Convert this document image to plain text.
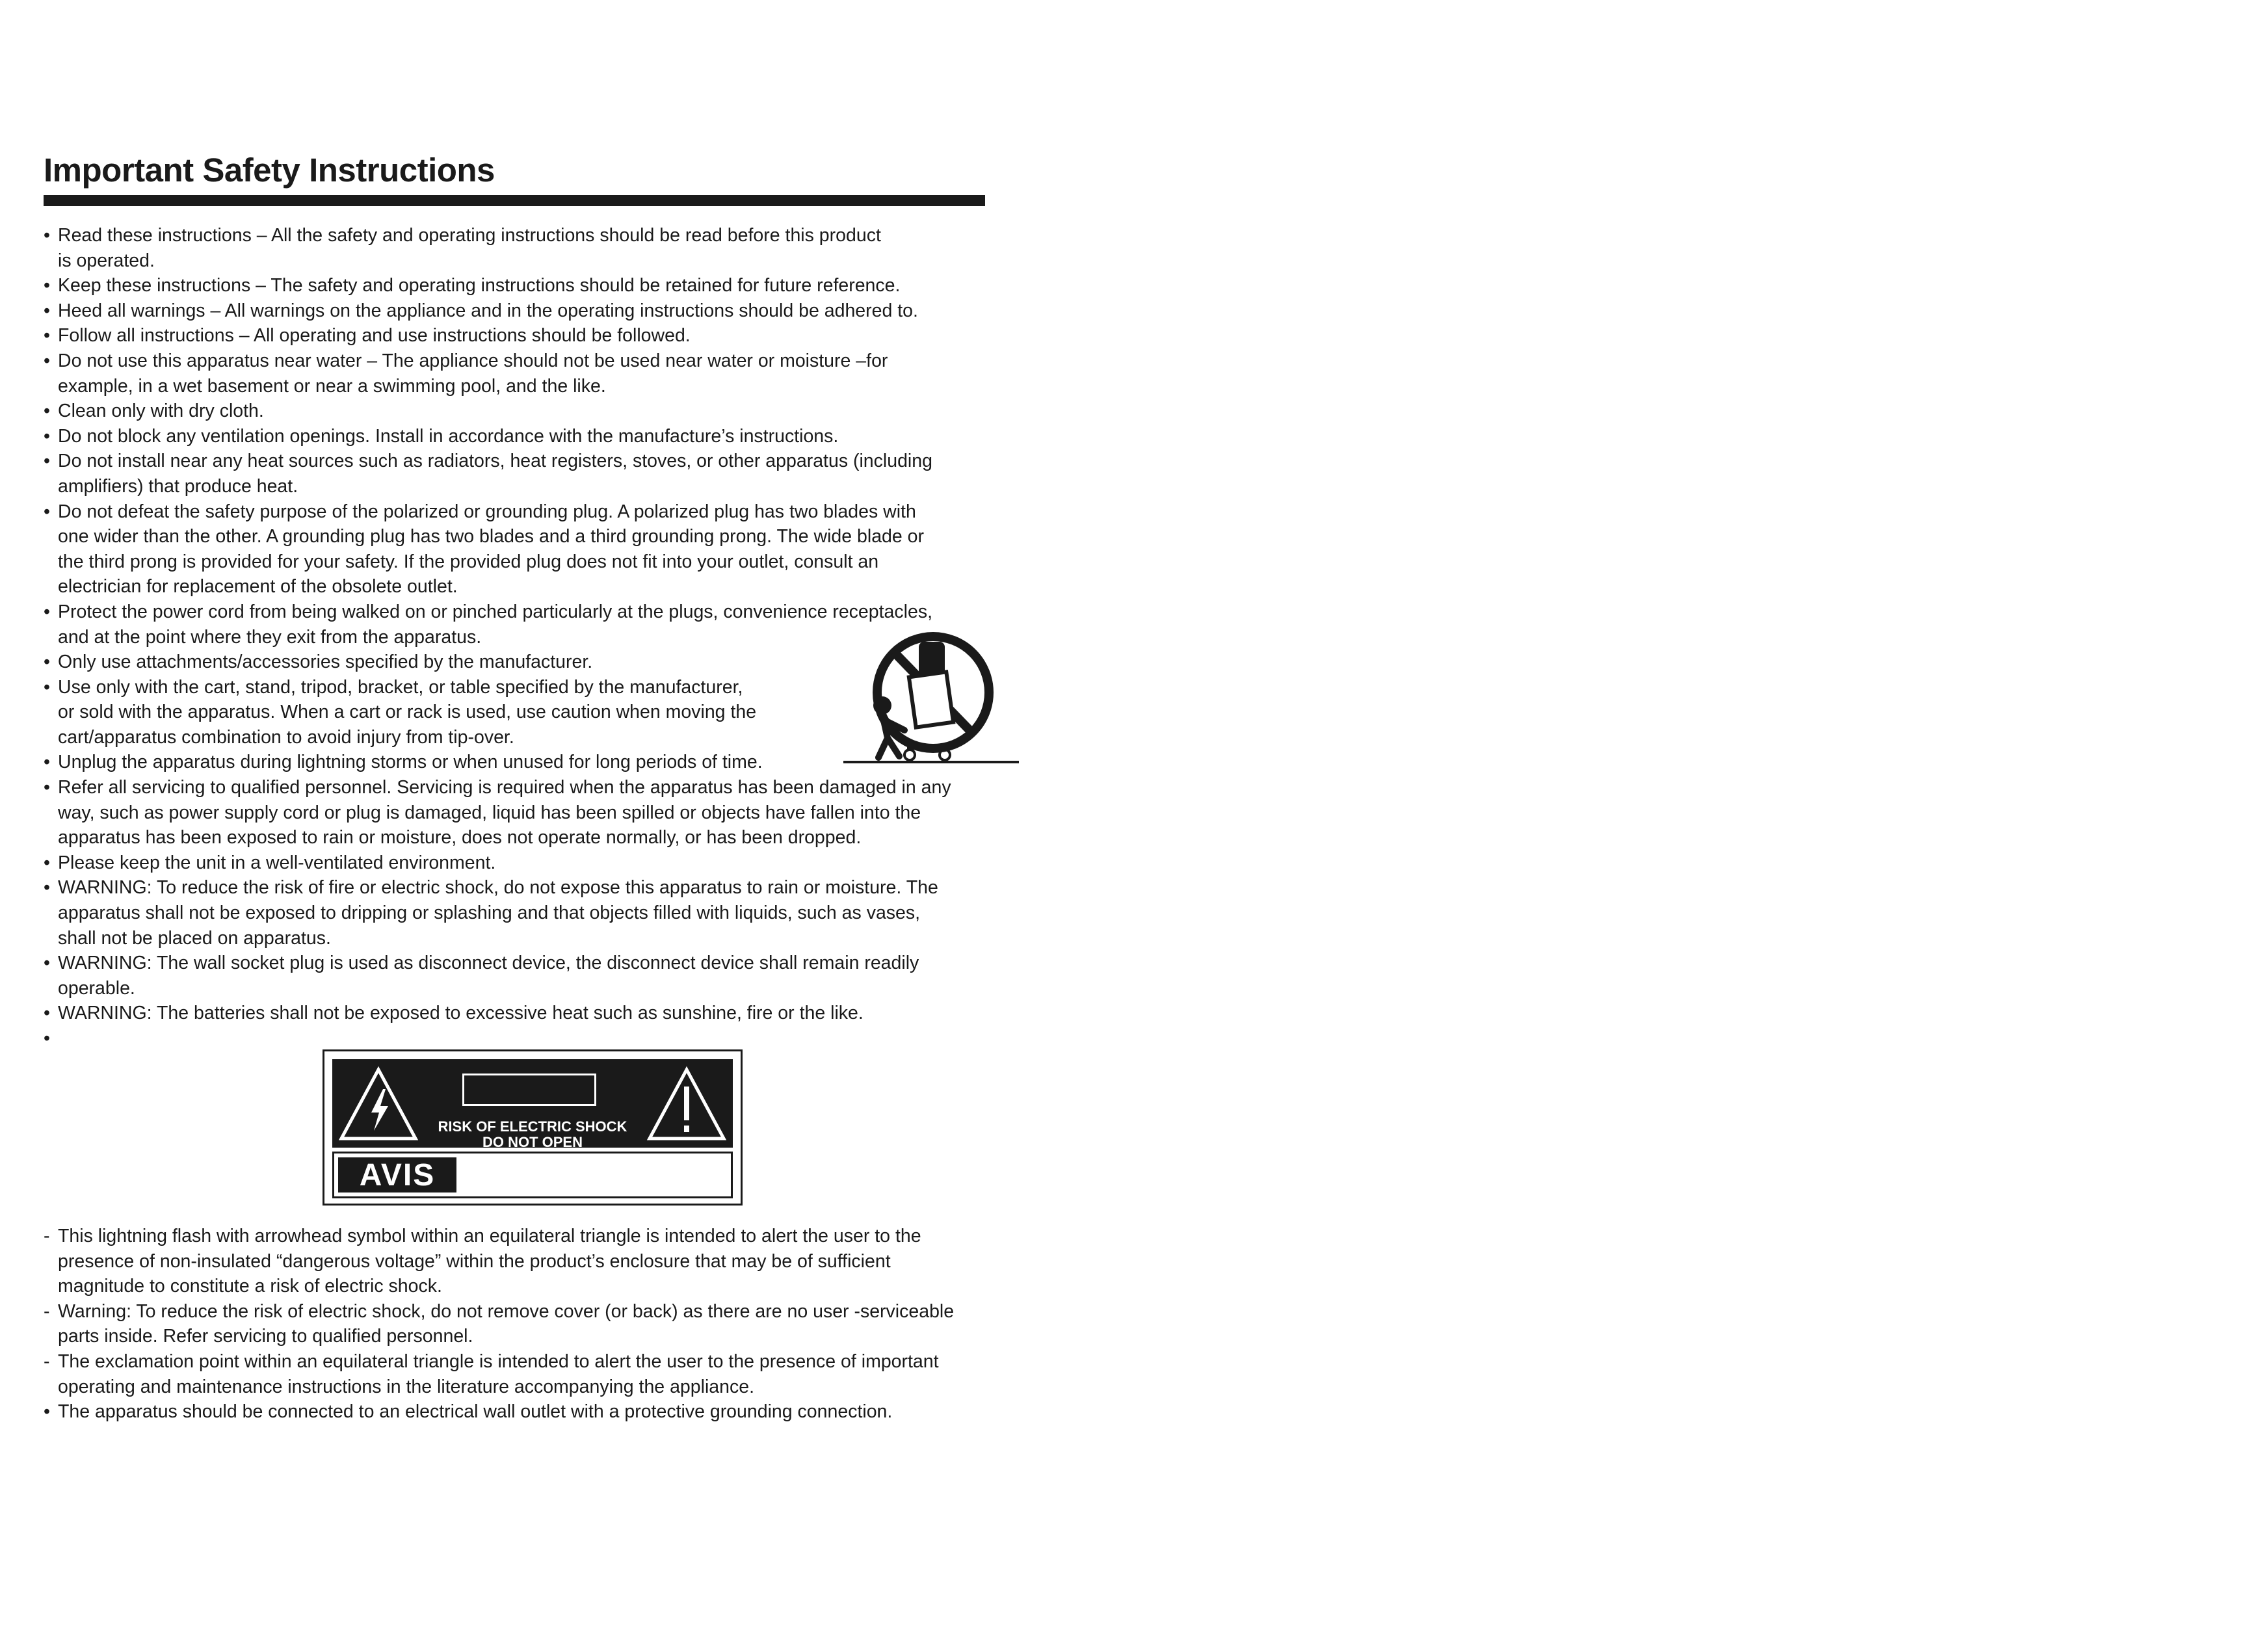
Important Safety Instructions
• Read these instructions – All the safety and operating instructions should be read before this product
is operated.
• Keep these instructions – The safety and operating instructions should be retained for future reference.
• Heed all warnings – All warnings on the appliance and in the operating instructions should be adhered to.
• Follow all instructions – All operating and use instructions should be followed.
• Do not use this apparatus near water – The appliance should not be used near water or moisture –for
example, in a wet basement or near a swimming pool, and the like.
• Clean only with dry cloth.
• Do not block any ventilation openings. Install in accordance with the manufacture’s instructions.
• Do not install near any heat sources such as radiators, heat registers, stoves, or other apparatus (including
amplifiers) that produce heat.
• Do not defeat the safety purpose of the polarized or grounding plug. A polarized plug has two blades with
one wider than the other. A grounding plug has two blades and a third grounding prong. The wide blade or
the third prong is provided for your safety. If the provided plug does not fit into your outlet, consult an
electrician for replacement of the obsolete outlet.
• Protect the power cord from being walked on or pinched particularly at the plugs, convenience receptacles,
and at the point where they exit from the apparatus.
• Only use attachments/accessories specified by the manufacturer.
• Use only with the cart, stand, tripod, bracket, or table specified by the manufacturer,
or sold with the apparatus. When a cart or rack is used, use caution when moving the
cart/apparatus combination to avoid injury from tip-over.
• Unplug the apparatus during lightning storms or when unused for long periods of time.
• Refer all servicing to qualified personnel. Servicing is required when the apparatus has been damaged in any
way, such as power supply cord or plug is damaged, liquid has been spilled or objects have fallen into the
apparatus has been exposed to rain or moisture, does not operate normally, or has been dropped.
• Please keep the unit in a well-ventilated environment.
• WARNING: To reduce the risk of fire or electric shock, do not expose this apparatus to rain or moisture. The
apparatus shall not be exposed to dripping or splashing and that objects filled with liquids, such as vases,
shall not be placed on apparatus.
• WARNING: The wall socket plug is used as disconnect device, the disconnect device shall remain readily
operable.
• WARNING: The batteries shall not be exposed to excessive heat such as sunshine, fire or the like.
•

RISK OF ELECTRIC SHOCK
DO NOT OPEN
AVIS
- This lightning flash with arrowhead symbol within an equilateral triangle is intended to alert the user to the
presence of non-insulated “dangerous voltage” within the product’s enclosure that may be of sufficient
magnitude to constitute a risk of electric shock.
- Warning: To reduce the risk of electric shock, do not remove cover (or back) as there are no user -serviceable
parts inside. Refer servicing to qualified personnel.
- The exclamation point within an equilateral triangle is intended to alert the user to the presence of important
operating and maintenance instructions in the literature accompanying the appliance.
• The apparatus should be connected to an electrical wall outlet with a protective grounding connection.
